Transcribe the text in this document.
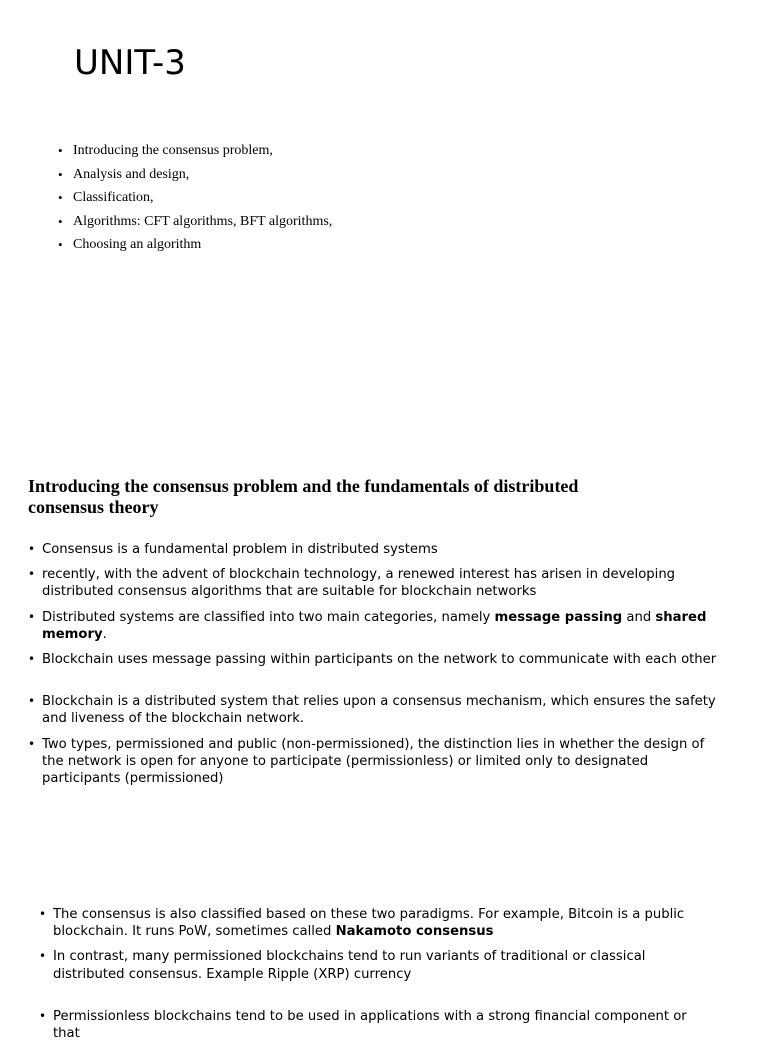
UNIT-3
• Introducing the consensus problem,
• Analysis and design,
• Classification,
• Algorithms: CFT algorithms, BFT algorithms,
• Choosing an algorithm
Introducing the consensus problem and the fundamentals of distributed consensus theory
• Consensus is a fundamental problem in distributed systems
• recently, with the advent of blockchain technology, a renewed interest has arisen in developing distributed consensus algorithms that are suitable for blockchain networks
• Distributed systems are classified into two main categories, namely message passing and shared memory.
• Blockchain uses message passing within participants on the network to communicate with each other
• Blockchain is a distributed system that relies upon a consensus mechanism, which ensures the safety and liveness of the blockchain network.
• Two types, permissioned and public (non-permissioned), the distinction lies in whether the design of the network is open for anyone to participate (permissionless) or limited only to designated participants (permissioned)
• The consensus is also classified based on these two paradigms. For example, Bitcoin is a public blockchain. It runs PoW, sometimes called Nakamoto consensus
• In contrast, many permissioned blockchains tend to run variants of traditional or classical distributed consensus. Example Ripple (XRP) currency
• Permissionless blockchains tend to be used in applications with a strong financial component or that
